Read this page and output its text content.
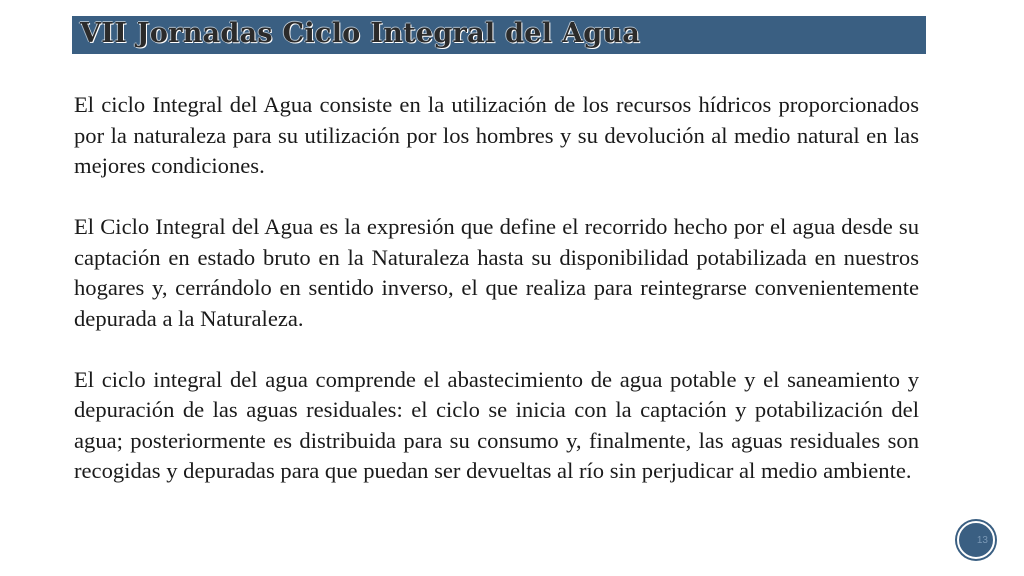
VII Jornadas Ciclo Integral del Agua

El ciclo Integral del Agua consiste en la utilización de los recursos hídricos proporcionados por la naturaleza para su utilización por los hombres y su devolución al medio natural en las mejores condiciones.

El Ciclo Integral del Agua es la expresión que define el recorrido hecho por el agua desde su captación en estado bruto en la Naturaleza hasta su disponibilidad potabilizada en nuestros hogares y, cerrándolo en sentido inverso, el que realiza para reintegrarse convenientemente depurada a la Naturaleza.

El ciclo integral del agua comprende el abastecimiento de agua potable y el saneamiento y depuración de las aguas residuales: el ciclo se inicia con la captación y potabilización del agua; posteriormente es distribuida para su consumo y, finalmente, las aguas residuales son recogidas y depuradas para que puedan ser devueltas al río sin perjudicar al medio ambiente.

13
